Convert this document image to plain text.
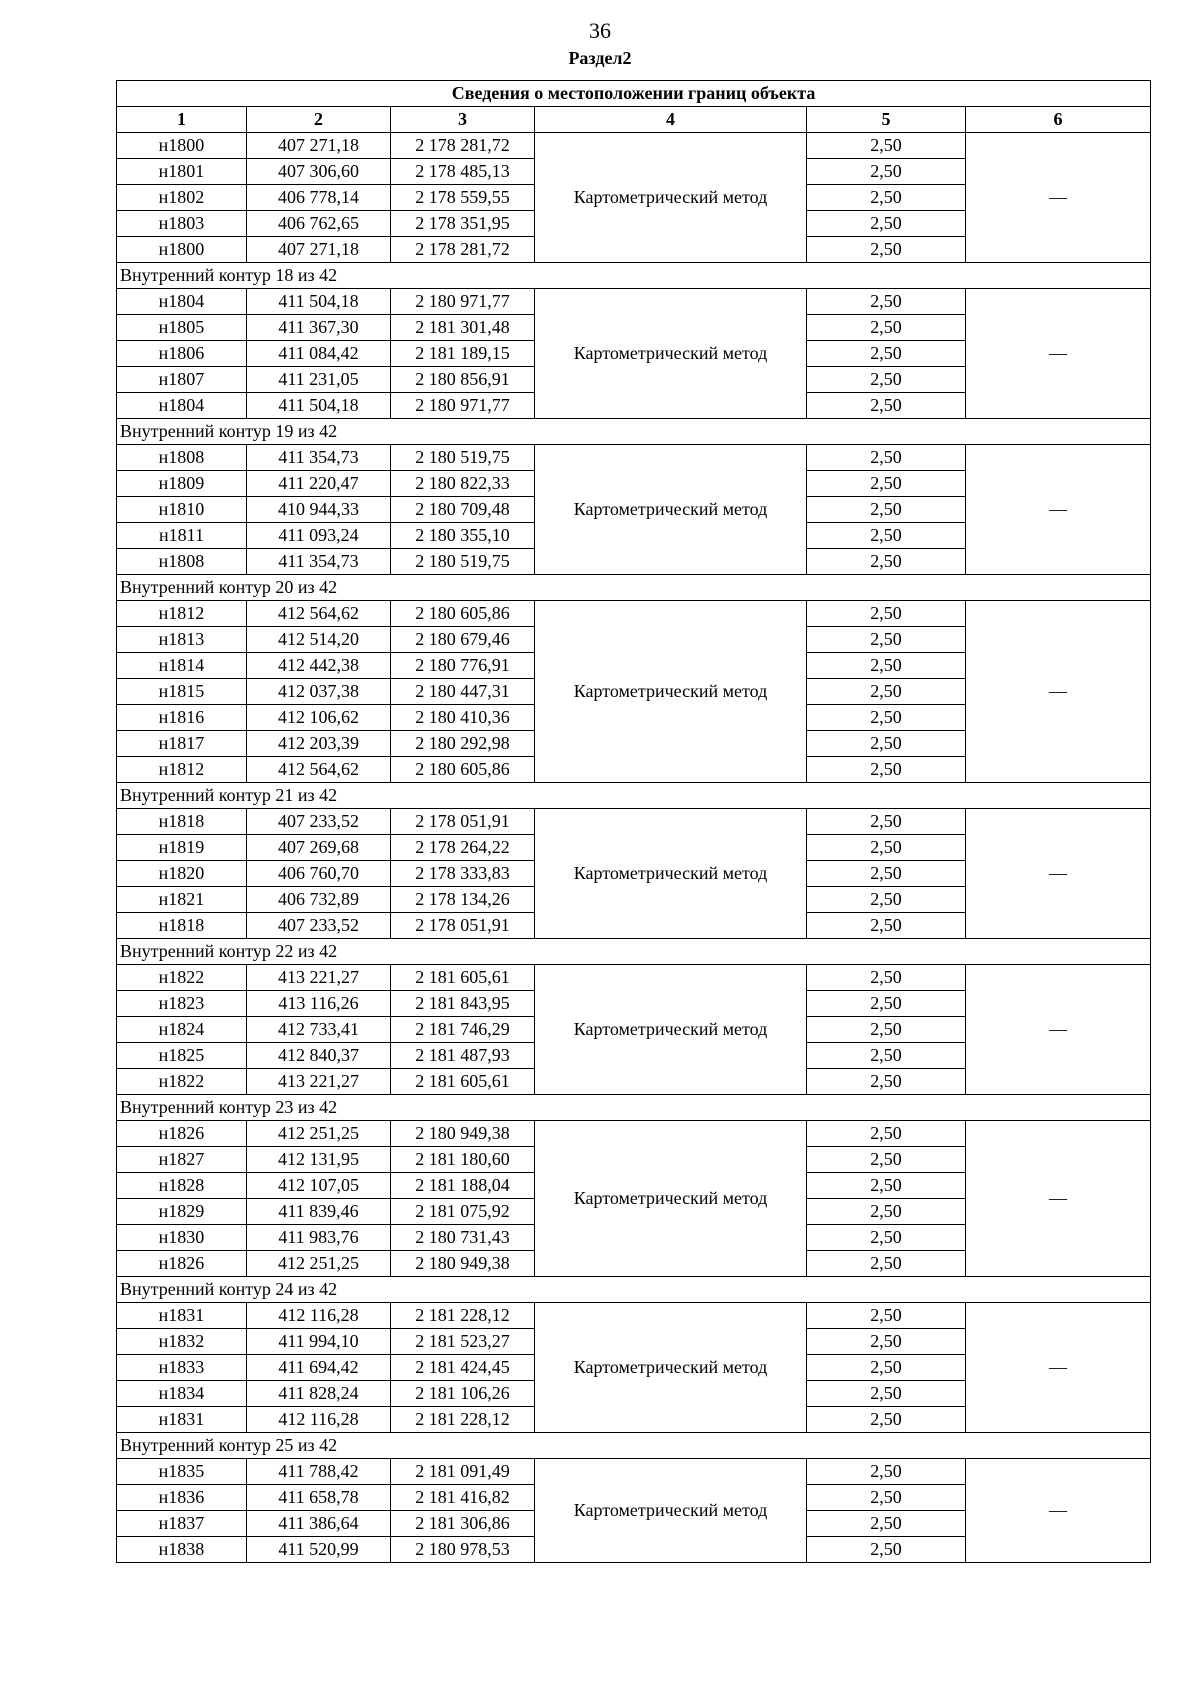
36
Раздел2
Сведения о местоположении границ объекта					
1	2	3	4	5	6
н1800	407 271,18	2 178 281,72	Картометрический метод	2,50	—
н1801	407 306,60	2 178 485,13		2,50	
н1802	406 778,14	2 178 559,55		2,50	
н1803	406 762,65	2 178 351,95		2,50	
н1800	407 271,18	2 178 281,72		2,50	
Внутренний контур 18 из 42					
н1804	411 504,18	2 180 971,77	Картометрический метод	2,50	—
н1805	411 367,30	2 181 301,48		2,50	
н1806	411 084,42	2 181 189,15		2,50	
н1807	411 231,05	2 180 856,91		2,50	
н1804	411 504,18	2 180 971,77		2,50	
Внутренний контур 19 из 42					
н1808	411 354,73	2 180 519,75	Картометрический метод	2,50	—
н1809	411 220,47	2 180 822,33		2,50	
н1810	410 944,33	2 180 709,48		2,50	
н1811	411 093,24	2 180 355,10		2,50	
н1808	411 354,73	2 180 519,75		2,50	
Внутренний контур 20 из 42					
н1812	412 564,62	2 180 605,86	Картометрический метод	2,50	—
н1813	412 514,20	2 180 679,46		2,50	
н1814	412 442,38	2 180 776,91		2,50	
н1815	412 037,38	2 180 447,31		2,50	
н1816	412 106,62	2 180 410,36		2,50	
н1817	412 203,39	2 180 292,98		2,50	
н1812	412 564,62	2 180 605,86		2,50	
Внутренний контур 21 из 42					
н1818	407 233,52	2 178 051,91	Картометрический метод	2,50	—
н1819	407 269,68	2 178 264,22		2,50	
н1820	406 760,70	2 178 333,83		2,50	
н1821	406 732,89	2 178 134,26		2,50	
н1818	407 233,52	2 178 051,91		2,50	
Внутренний контур 22 из 42					
н1822	413 221,27	2 181 605,61	Картометрический метод	2,50	—
н1823	413 116,26	2 181 843,95		2,50	
н1824	412 733,41	2 181 746,29		2,50	
н1825	412 840,37	2 181 487,93		2,50	
н1822	413 221,27	2 181 605,61		2,50	
Внутренний контур 23 из 42					
н1826	412 251,25	2 180 949,38	Картометрический метод	2,50	—
н1827	412 131,95	2 181 180,60		2,50	
н1828	412 107,05	2 181 188,04		2,50	
н1829	411 839,46	2 181 075,92		2,50	
н1830	411 983,76	2 180 731,43		2,50	
н1826	412 251,25	2 180 949,38		2,50	
Внутренний контур 24 из 42					
н1831	412 116,28	2 181 228,12	Картометрический метод	2,50	—
н1832	411 994,10	2 181 523,27		2,50	
н1833	411 694,42	2 181 424,45		2,50	
н1834	411 828,24	2 181 106,26		2,50	
н1831	412 116,28	2 181 228,12		2,50	
Внутренний контур 25 из 42					
н1835	411 788,42	2 181 091,49	Картометрический метод	2,50	—
н1836	411 658,78	2 181 416,82		2,50	
н1837	411 386,64	2 181 306,86		2,50	
н1838	411 520,99	2 180 978,53		2,50	
